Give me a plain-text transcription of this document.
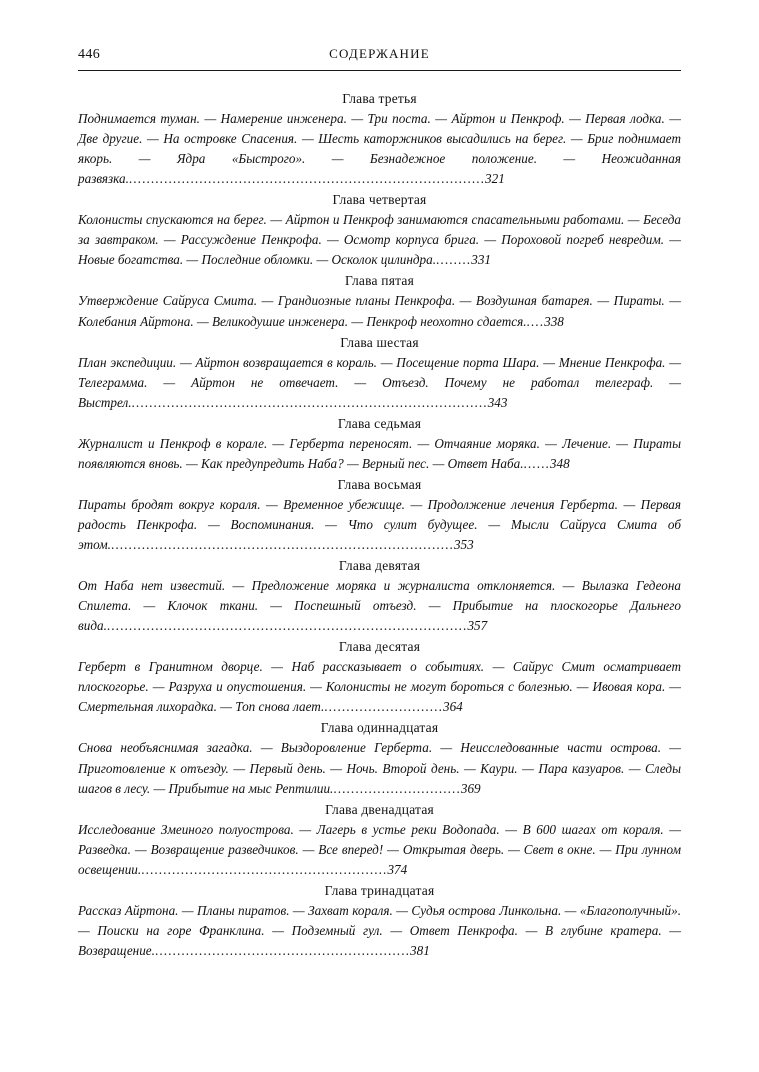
446	СОДЕРЖАНИЕ
Глава третья

Поднимается туман. — Намерение инженера. — Три поста. — Айртон и Пенкроф. — Первая лодка. — Две другие. — На островке Спасения. — Шесть каторжников высадились на берег. — Бриг поднимает якорь. — Ядра «Быстрого». — Безнадежное положение. — Неожиданная развязка..................................................................................321

Глава четвертая

Колонисты спускаются на берег. — Айртон и Пенкроф занимаются спасательными работами. — Беседа за завтраком. — Рассуждение Пенкрофа. — Осмотр корпуса брига. — Пороховой погреб невредим. — Новые богатства. — Последние обломки. — Осколок цилиндра.........331

Глава пятая

Утверждение Сайруса Смита. — Грандиозные планы Пенкрофа. — Воздушная батарея. — Пираты. — Колебания Айртона. — Великодушие инженера. — Пенкроф неохотно сдается.....338

Глава шестая

План экспедиции. — Айртон возвращается в кораль. — Посещение порта Шара. — Мнение Пенкрофа. — Телеграмма. — Айртон не отвечает. — Отъезд. Почему не работал телеграф. — Выстрел..................................................................................343

Глава седьмая

Журналист и Пенкроф в корале. — Герберта переносят. — Отчаяние моряка. — Лечение. — Пираты появляются вновь. — Как предупредить Наба? — Верный пес. — Ответ Наба.......348

Глава восьмая

Пираты бродят вокруг кораля. — Временное убежище. — Продолжение лечения Герберта. — Первая радость Пенкрофа. — Воспоминания. — Что сулит будущее. — Мысли Сайруса Смита об этом...............................................................................353

Глава девятая

От Наба нет известий. — Предложение моряка и журналиста отклоняется. — Вылазка Гедеона Спилета. — Клочок ткани. — Поспешный отъезд. — Прибытие на плоскогорье Дальнего вида...................................................................................357

Глава десятая

Герберт в Гранитном дворце. — Наб рассказывает о событиях. — Сайрус Смит осматривает плоскогорье. — Разруха и опустошения. — Колонисты не могут бороться с болезнью. — Ивовая кора. — Смертельная лихорадка. — Топ снова лает............................364

Глава одиннадцатая

Снова необъяснимая загадка. — Выздоровление Герберта. — Неисследованные части острова. — Приготовление к отъезду. — Первый день. — Ночь. Второй день. — Каури. — Пара казуаров. — Следы шагов в лесу. — Прибытие на мыс Рептилии..............................369

Глава двенадцатая

Исследование Змеиного полуострова. — Лагерь в устье реки Водопада. — В 600 шагах от кораля. — Разведка. — Возвращение разведчиков. — Все вперед! — Открытая дверь. — Свет в окне. — При лунном освещении.........................................................374

Глава тринадцатая

Рассказ Айртона. — Планы пиратов. — Захват кораля. — Судья острова Линкольна. — «Благополучный». — Поиски на горе Франклина. — Подземный гул. — Ответ Пенкрофа. — В глубине кратера. — Возвращение...........................................................381
